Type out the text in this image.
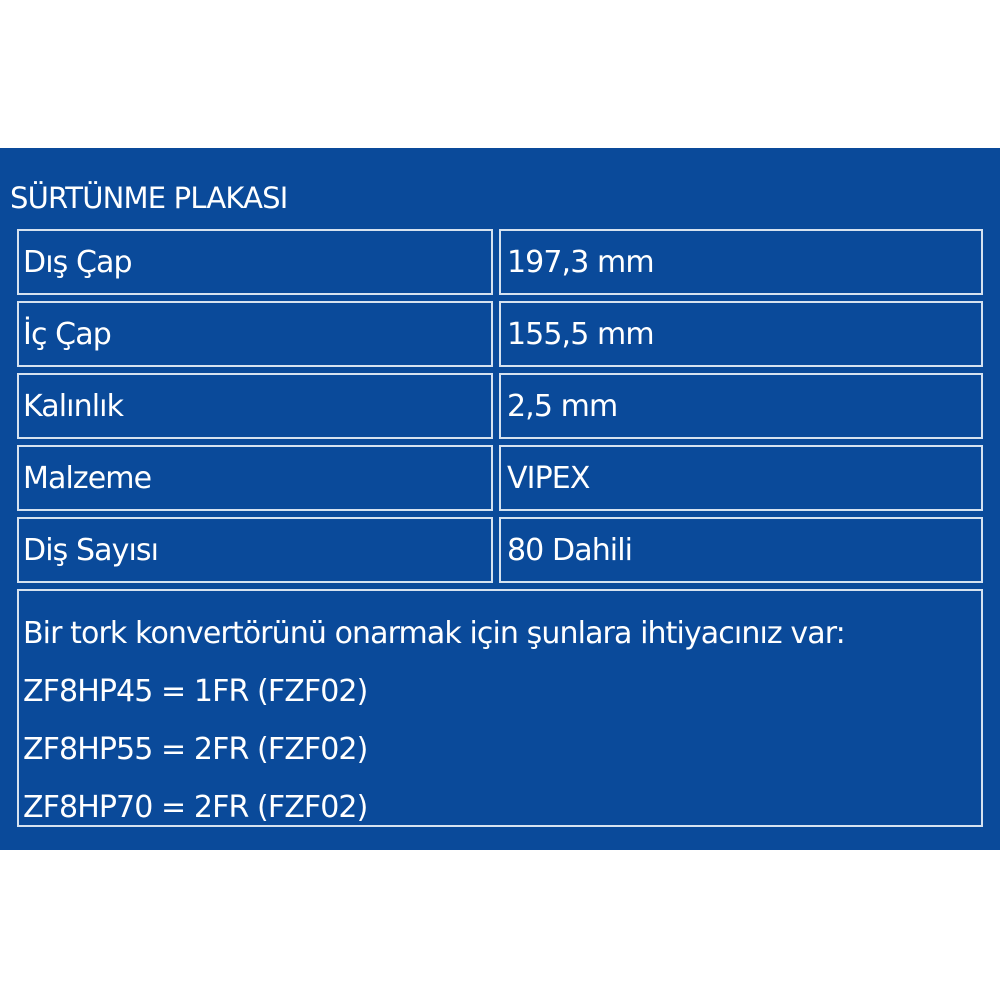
SÜRTÜNME PLAKASI
Dış Çap	197,3 mm
İç Çap	155,5 mm
Kalınlık	2,5 mm
Malzeme	VIPEX
Diş Sayısı	80 Dahili
Bir tork konvertörünü onarmak için şunlara ihtiyacınız var:
ZF8HP45 = 1FR (FZF02)
ZF8HP55 = 2FR (FZF02)
ZF8HP70 = 2FR (FZF02)
